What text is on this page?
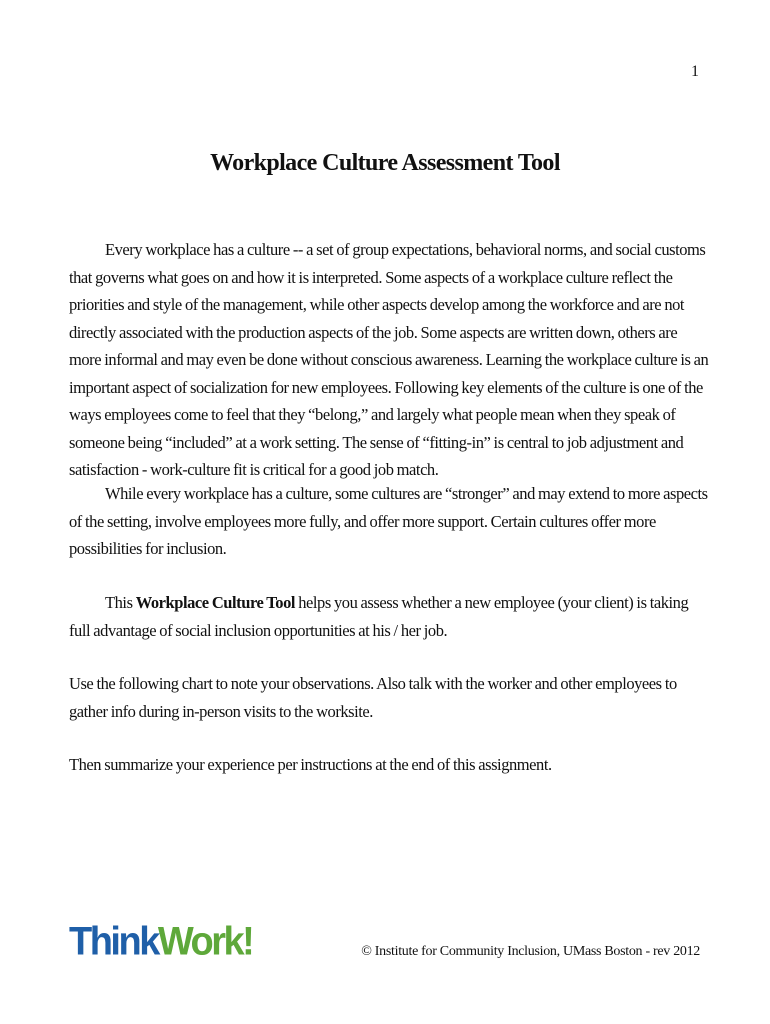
1
Workplace Culture Assessment Tool

Every workplace has a culture -- a set of group expectations, behavioral norms, and social customs that governs what goes on and how it is interpreted. Some aspects of a workplace culture reflect the priorities and style of the management, while other aspects develop among the workforce and are not directly associated with the production aspects of the job. Some aspects are written down, others are more informal and may even be done without conscious awareness. Learning the workplace culture is an important aspect of socialization for new employees. Following key elements of the culture is one of the ways employees come to feel that they “belong,” and largely what people mean when they speak of someone being “included” at a work setting. The sense of “fitting-in” is central to job adjustment and satisfaction - work-culture fit is critical for a good job match.

While every workplace has a culture, some cultures are “stronger” and may extend to more aspects of the setting, involve employees more fully, and offer more support. Certain cultures offer more possibilities for inclusion.

This Workplace Culture Tool helps you assess whether a new employee (your client) is taking full advantage of social inclusion opportunities at his / her job.

Use the following chart to note your observations. Also talk with the worker and other employees to gather info during in-person visits to the worksite.

Then summarize your experience per instructions at the end of this assignment.

ThinkWork!	© Institute for Community Inclusion, UMass Boston - rev 2012
